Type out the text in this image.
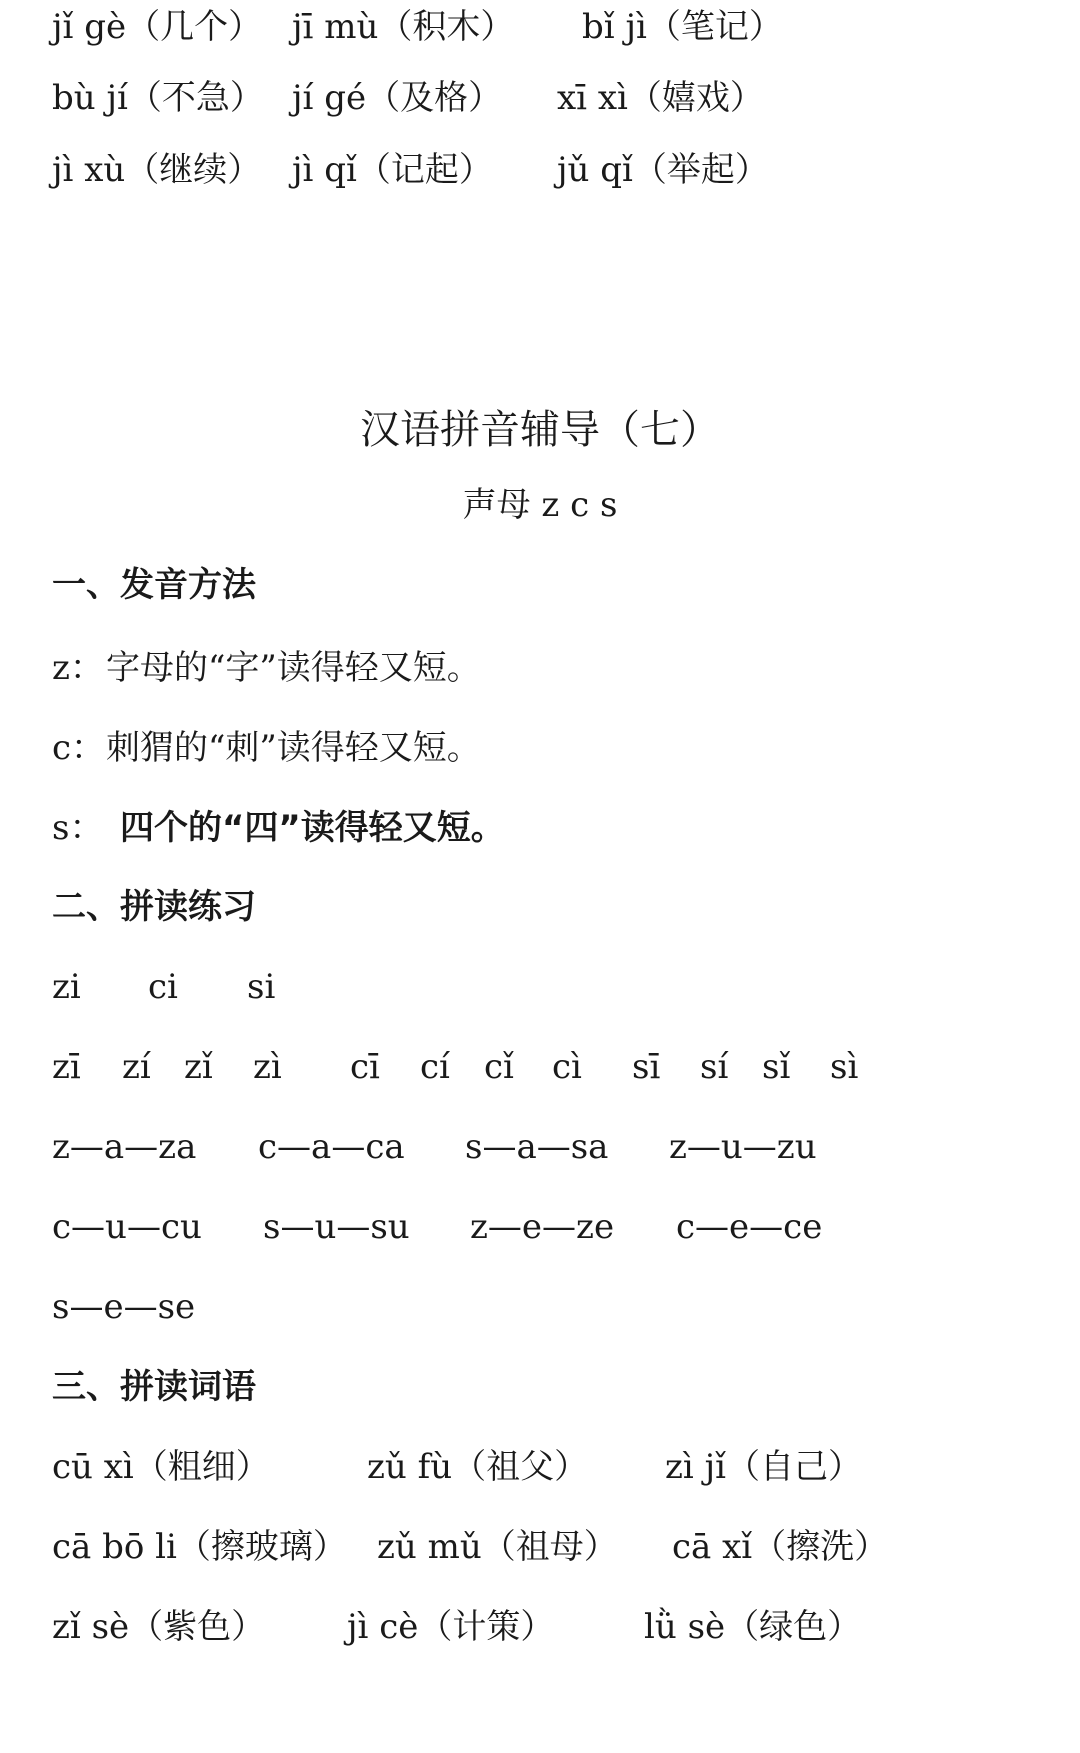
jǐ gè（几个） jī mù（积木） bǐ jì（笔记）
bù jí（不急） jí gé（及格） xī xì（嬉戏）
jì xù（继续） jì qǐ（记起） jǔ qǐ（举起）
汉语拼音辅导（七）
声母 z c s
一、发音方法
z： 字母的“字”读得轻又短。
c： 刺猬的“刺”读得轻又短。
s： 四个的“四”读得轻又短。
二、拼读练习
zi ci si
zī zí zǐ zì cī cí cǐ cì sī sí sǐ sì
z—a—za c—a—ca s—a—sa z—u—zu
c—u—cu s—u—su z—e—ze c—e—ce
s—e—se
三、拼读词语
cū xì（粗细）	zǔ fù（祖父） zì jǐ（自己）
cā bō li（擦玻璃） zǔ mǔ（祖母） cā xǐ（擦洗）
zǐ sè（紫色） jì cè（计策）	lǜ sè（绿色）
